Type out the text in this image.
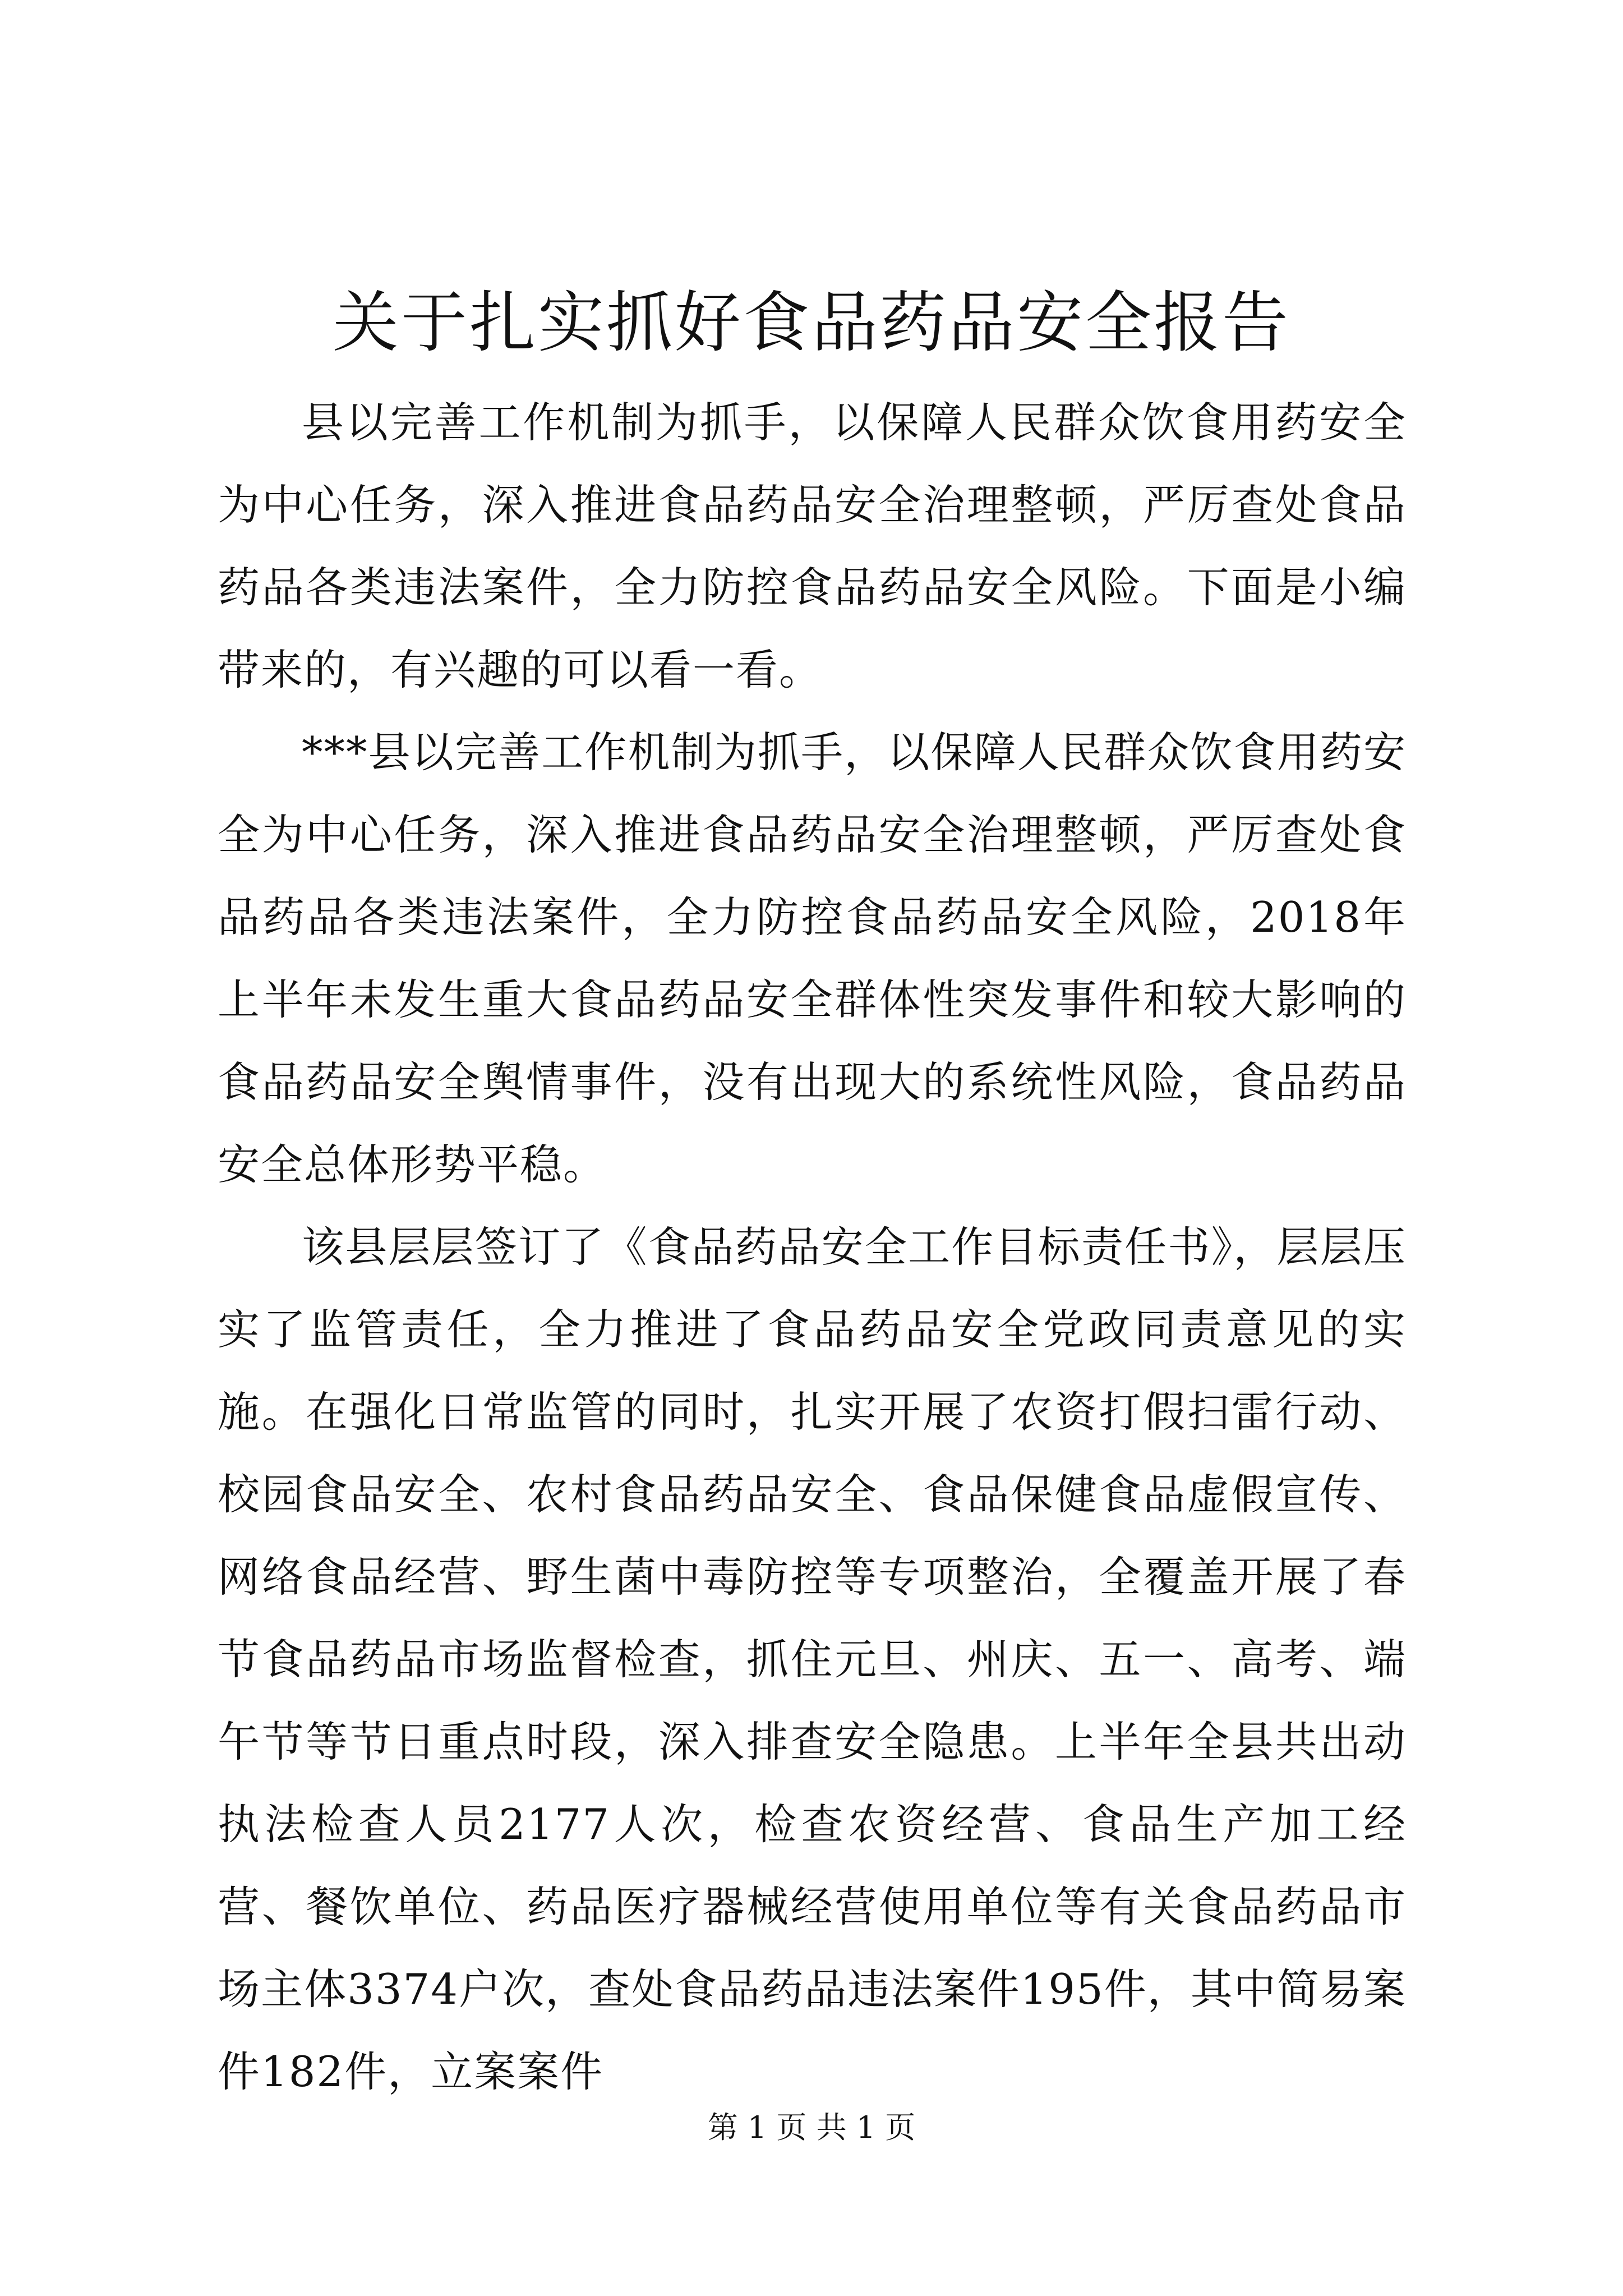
关于扎实抓好食品药品安全报告

县以完善工作机制为抓手，以保障人民群众饮食用药安全为中心任务，深入推进食品药品安全治理整顿，严厉查处食品药品各类违法案件，全力防控食品药品安全风险。下面是小编带来的，有兴趣的可以看一看。

***县以完善工作机制为抓手，以保障人民群众饮食用药安全为中心任务，深入推进食品药品安全治理整顿，严厉查处食品药品各类违法案件，全力防控食品药品安全风险，2018年上半年未发生重大食品药品安全群体性突发事件和较大影响的食品药品安全舆情事件，没有出现大的系统性风险，食品药品安全总体形势平稳。

该县层层签订了《食品药品安全工作目标责任书》，层层压实了监管责任，全力推进了食品药品安全党政同责意见的实施。在强化日常监管的同时，扎实开展了农资打假扫雷行动、校园食品安全、农村食品药品安全、食品保健食品虚假宣传、网络食品经营、野生菌中毒防控等专项整治，全覆盖开展了春节食品药品市场监督检查，抓住元旦、州庆、五一、高考、端午节等节日重点时段，深入排查安全隐患。上半年全县共出动执法检查人员2177人次，检查农资经营、食品生产加工经营、餐饮单位、药品医疗器械经营使用单位等有关食品药品市场主体3374户次，查处食品药品违法案件195件，其中简易案件182件，立案案件

第 1 页 共 1 页
